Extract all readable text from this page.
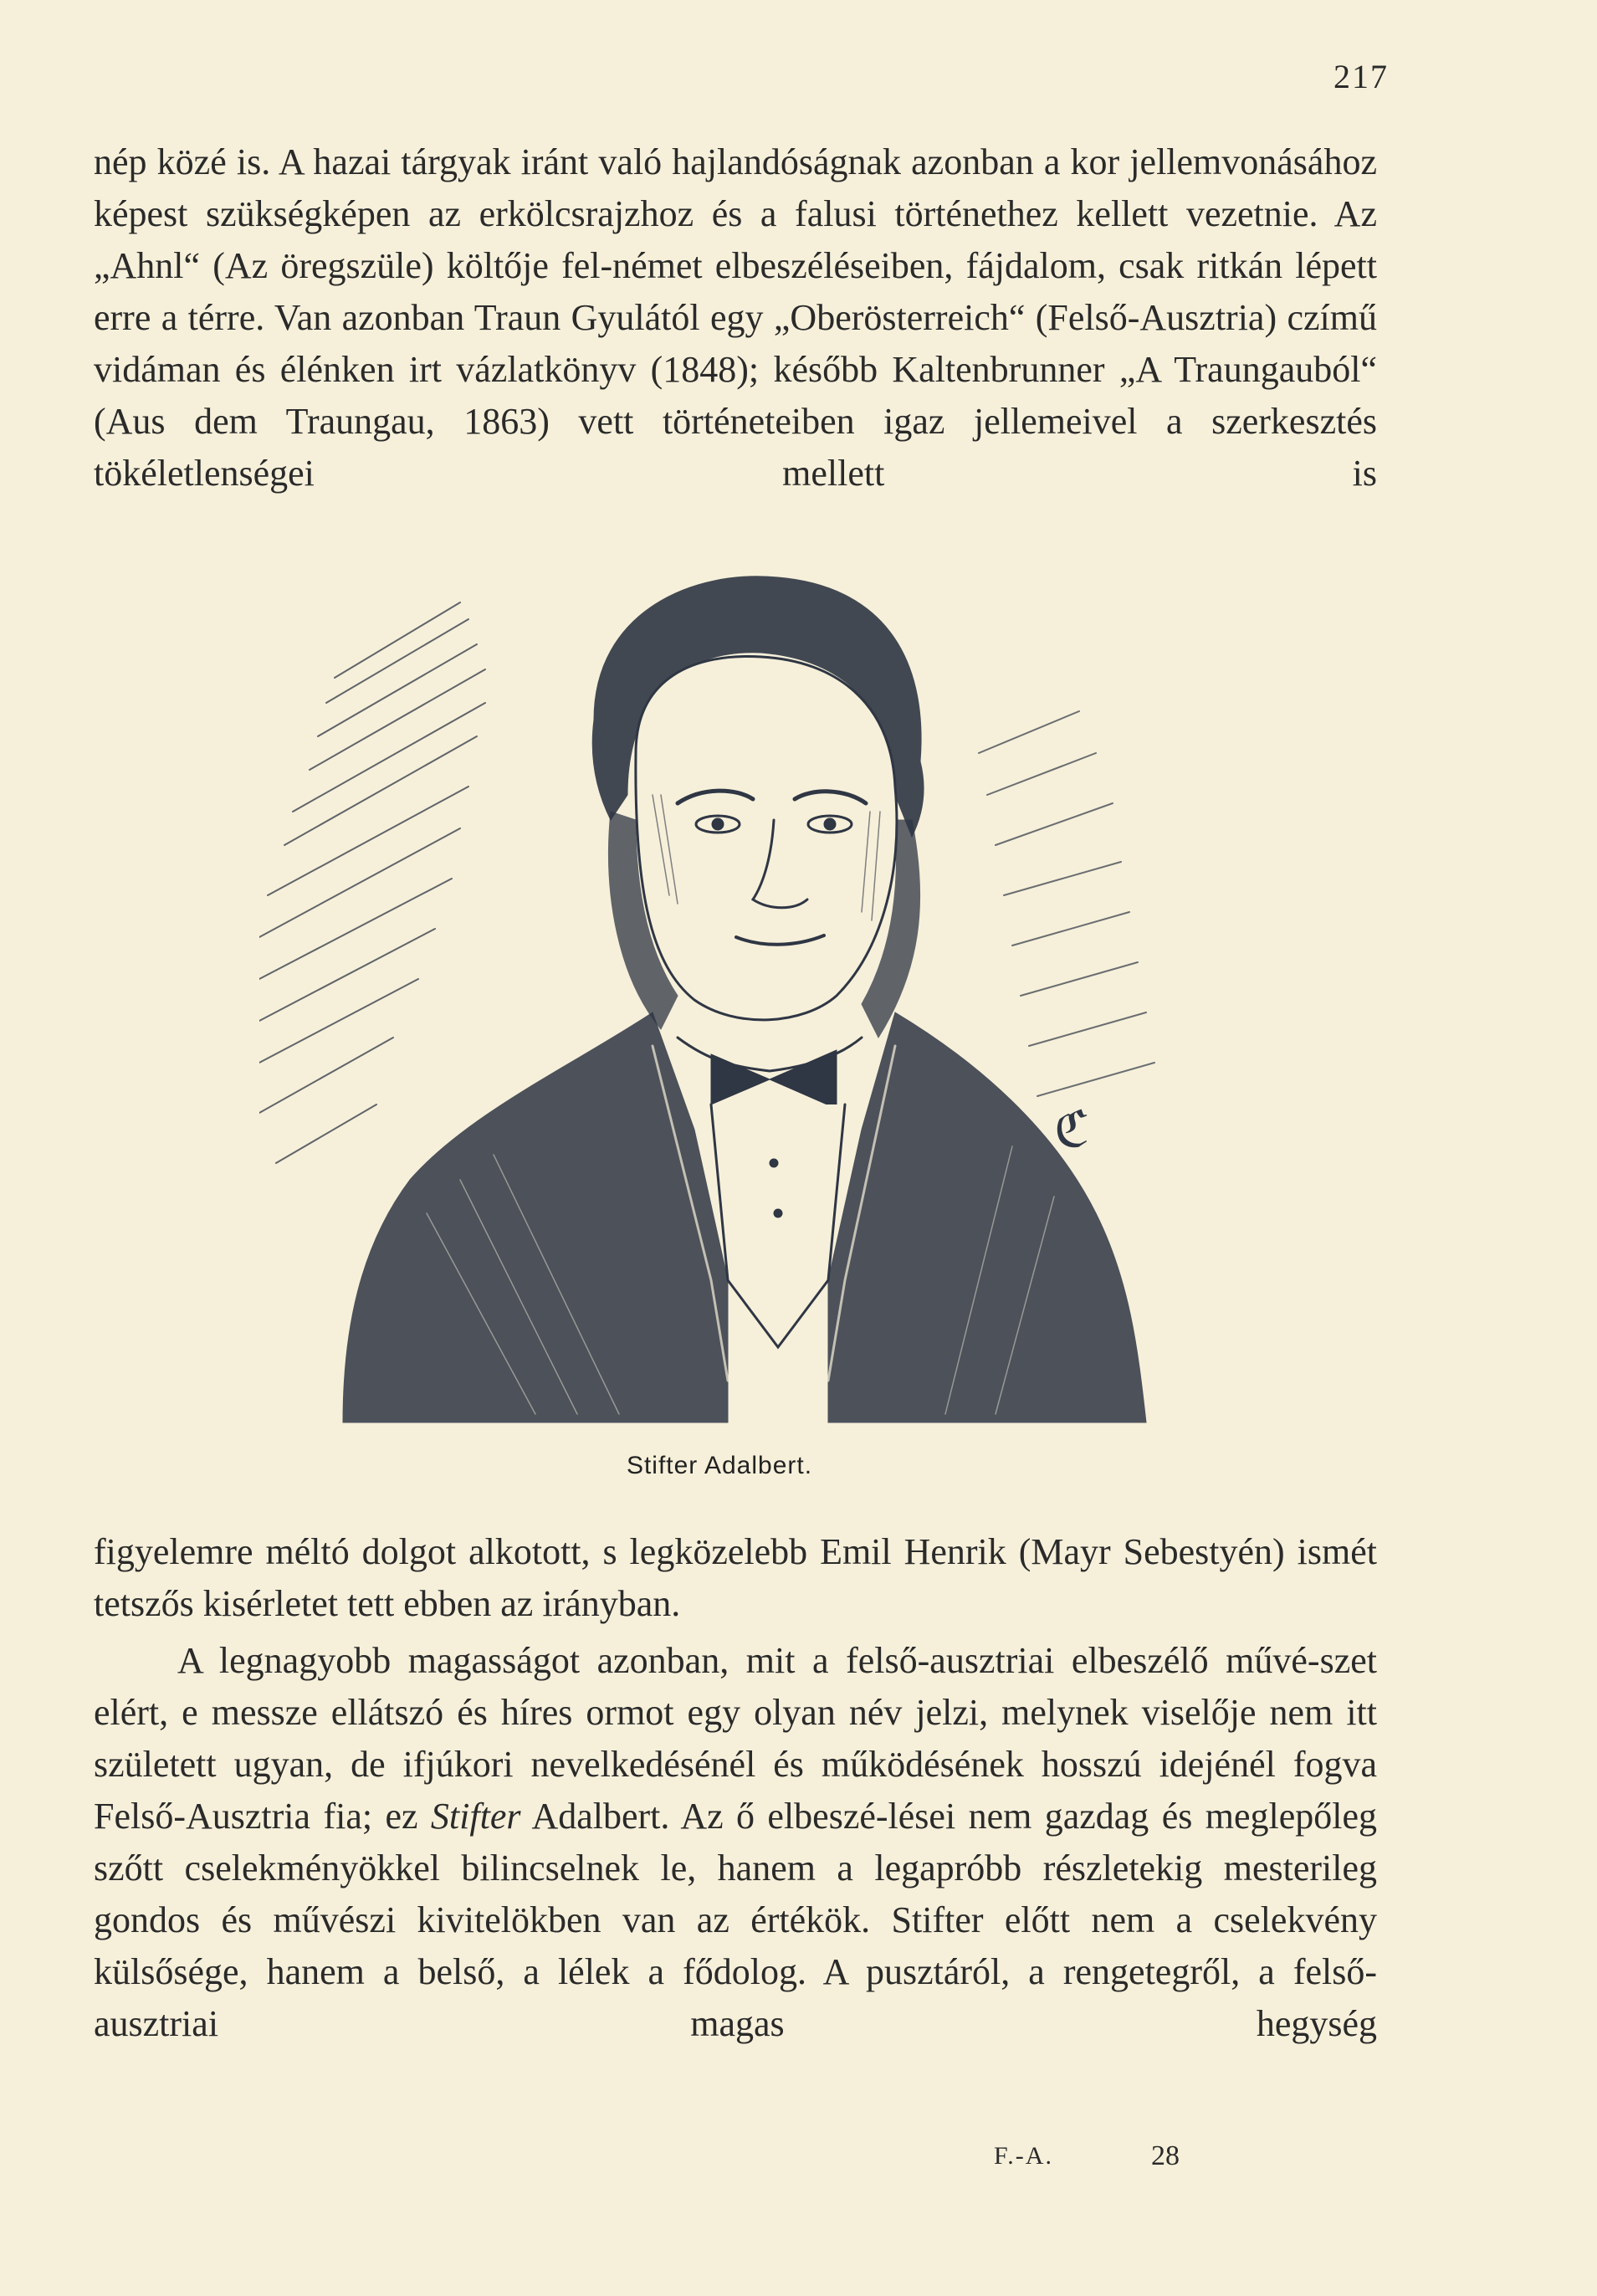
217

nép közé is. A hazai tárgyak iránt való hajlandóságnak azonban a kor jellemvonásához képest szükségképen az erkölcsrajzhoz és a falusi történethez kellett vezetnie. Az „Ahnl“ (Az öregszüle) költője fel-német elbeszéléseiben, fájdalom, csak ritkán lépett erre a térre. Van azonban Traun Gyulától egy „Oberösterreich“ (Felső-Ausztria) czímű vidáman és élénken irt vázlatkönyv (1848); később Kaltenbrunner „A Traungauból“ (Aus dem Traungau, 1863) vett történeteiben igaz jellemeivel a szerkesztés tökéletlenségei mellett is

ℭ
Stifter Adalbert.

figyelemre méltó dolgot alkotott, s legközelebb Emil Henrik (Mayr Sebestyén) ismét tetszős kisérletet tett ebben az irányban.

A legnagyobb magasságot azonban, mit a felső-ausztriai elbeszélő művé-szet elért, e messze ellátszó és híres ormot egy olyan név jelzi, melynek viselője nem itt született ugyan, de ifjúkori nevelkedésénél és működésének hosszú idejénél fogva Felső-Ausztria fia; ez Stifter Adalbert. Az ő elbeszé-lései nem gazdag és meglepőleg szőtt cselekményökkel bilincselnek le, hanem a legapróbb részletekig mesterileg gondos és művészi kivitelökben van az értékök. Stifter előtt nem a cselekvény külsősége, hanem a belső, a lélek a fődolog. A pusztáról, a rengetegről, a felső-ausztriai magas hegység

F.-A.	28
